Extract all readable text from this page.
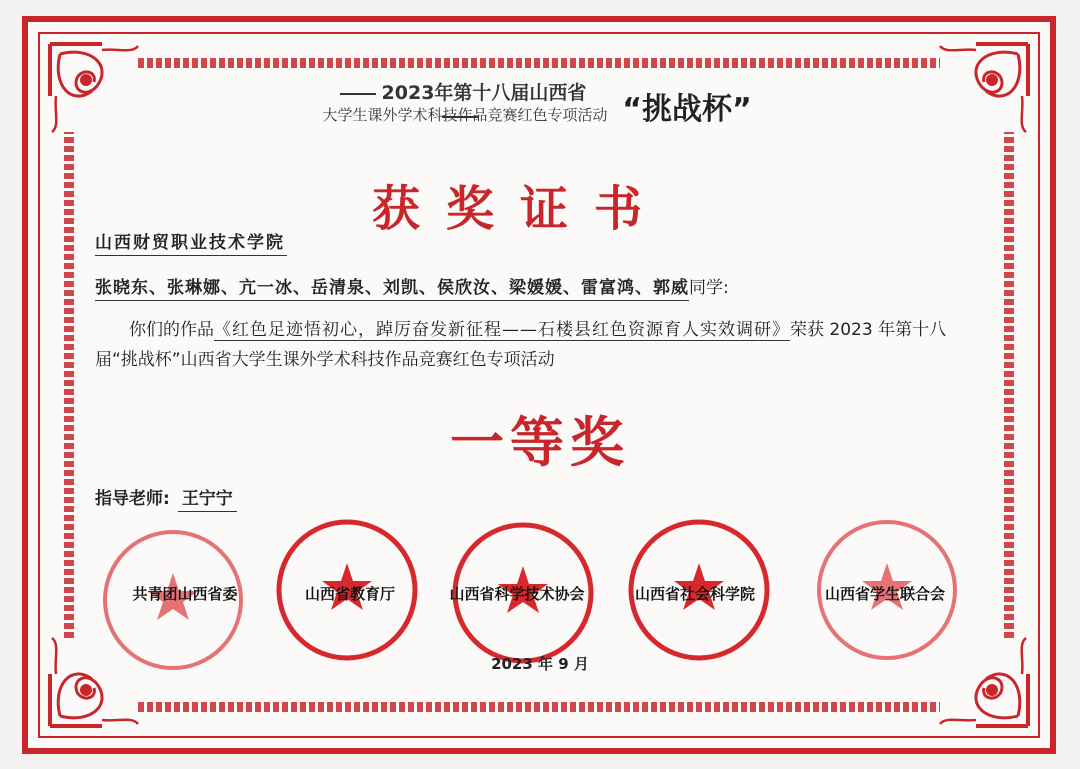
2023年第十八届山西省
大学生课外学术科技作品竞赛红色专项活动 “挑战杯”
获奖证书
山西财贸职业技术学院
张晓东、张琳娜、亢一冰、岳清泉、刘凯、侯欣汝、梁媛媛、雷富鸿、郭威同学:
你们的作品《红色足迹悟初心，踔厉奋发新征程——石楼县红色资源育人实效调研》荣获 2023 年第十八届“挑战杯”山西省大学生课外学术科技作品竞赛红色专项活动
一等奖
指导老师: 王宁宁
共青团山西省委	山西省教育厅	山西省科学技术协会	山西省社会科学院	山西省学生联合会
2023 年 9 月
